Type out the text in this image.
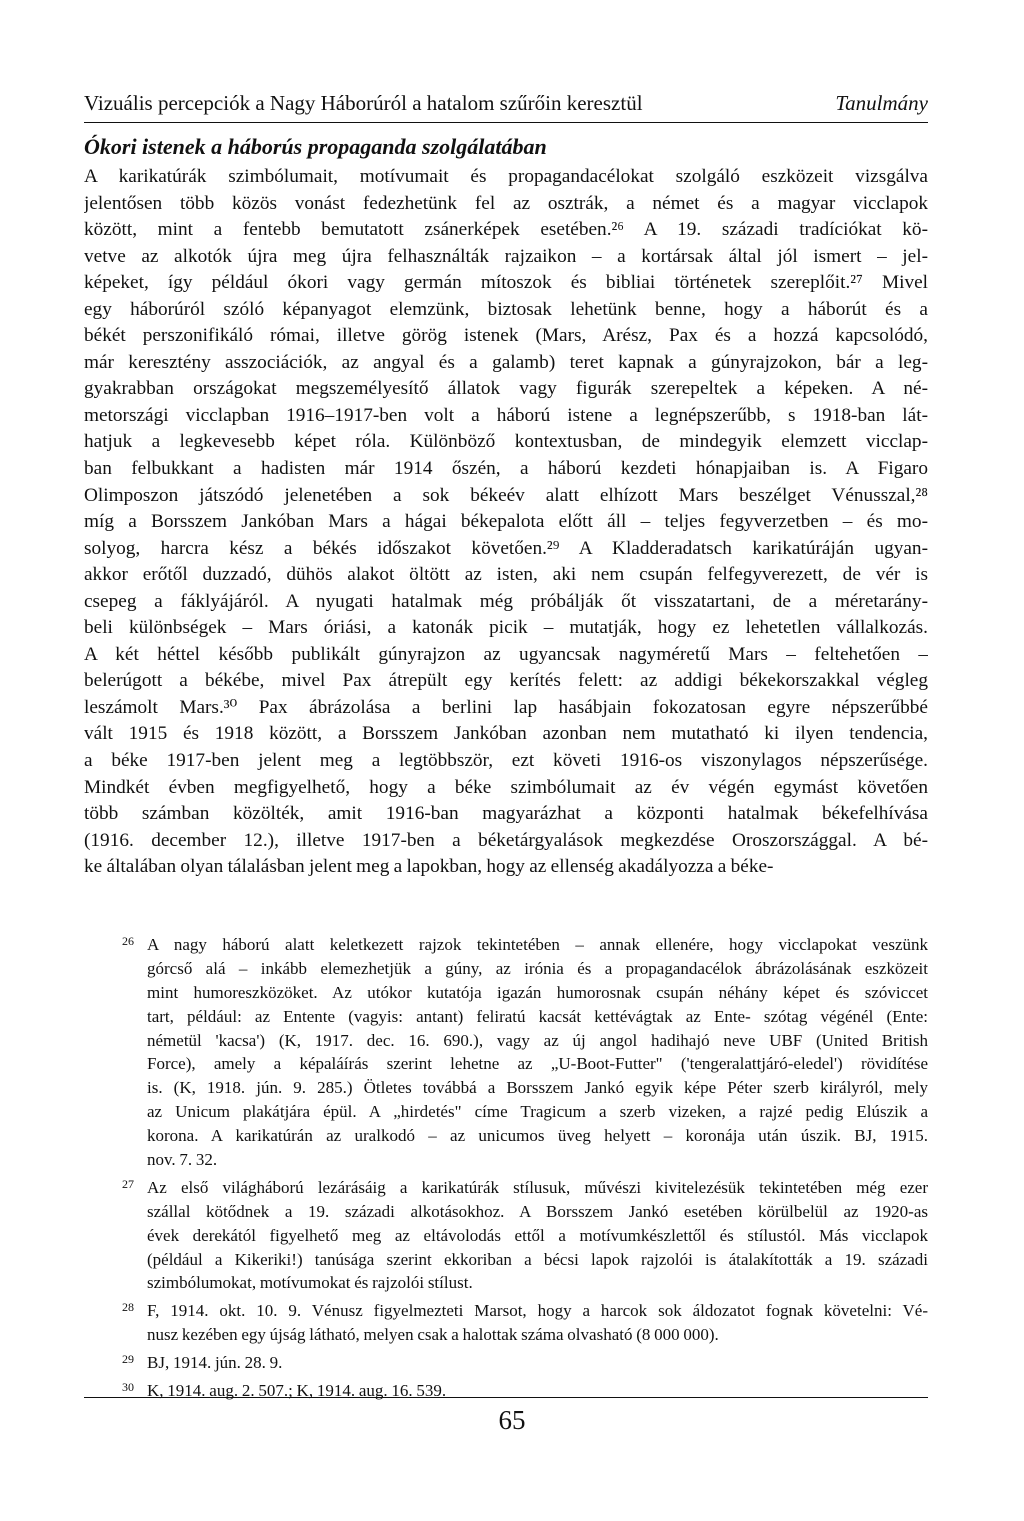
Vizuális percepciók a Nagy Háborúról a hatalom szűrőin keresztül	Tanulmány
Ókori istenek a háborús propaganda szolgálatában
A karikatúrák szimbólumait, motívumait és propagandacélokat szolgáló eszközeit vizsgálva
jelentősen több közös vonást fedezhetünk fel az osztrák, a német és a magyar vicclapok
között, mint a fentebb bemutatott zsánerképek esetében.²⁶ A 19. századi tradíciókat kö-
vetve az alkotók újra meg újra felhasználták rajzaikon – a kortársak által jól ismert – jel-
képeket, így például ókori vagy germán mítoszok és bibliai történetek szereplőit.²⁷ Mivel
egy háborúról szóló képanyagot elemzünk, biztosak lehetünk benne, hogy a háborút és a
békét perszonifikáló római, illetve görög istenek (Mars, Arész, Pax és a hozzá kapcsolódó,
már keresztény asszociációk, az angyal és a galamb) teret kapnak a gúnyrajzokon, bár a leg-
gyakrabban országokat megszemélyesítő állatok vagy figurák szerepeltek a képeken. A né-
metországi vicclapban 1916–1917-ben volt a háború istene a legnépszerűbb, s 1918-ban lát-
hatjuk a legkevesebb képet róla. Különböző kontextusban, de mindegyik elemzett vicclap-
ban felbukkant a hadisten már 1914 őszén, a háború kezdeti hónapjaiban is. A Figaro
Olimposzon játszódó jelenetében a sok békeév alatt elhízott Mars beszélget Vénusszal,²⁸
míg a Borsszem Jankóban Mars a hágai békepalota előtt áll – teljes fegyverzetben – és mo-
solyog, harcra kész a békés időszakot követően.²⁹ A Kladderadatsch karikatúráján ugyan-
akkor erőtől duzzadó, dühös alakot öltött az isten, aki nem csupán felfegyverezett, de vér is
csepeg a fáklyájáról. A nyugati hatalmak még próbálják őt visszatartani, de a méretarány-
beli különbségek – Mars óriási, a katonák picik – mutatják, hogy ez lehetetlen vállalkozás.
A két héttel később publikált gúnyrajzon az ugyancsak nagyméretű Mars – feltehetően –
belerúgott a békébe, mivel Pax átrepült egy kerítés felett: az addigi békekorszakkal végleg
leszámolt Mars.³⁰ Pax ábrázolása a berlini lap hasábjain fokozatosan egyre népszerűbbé
vált 1915 és 1918 között, a Borsszem Jankóban azonban nem mutatható ki ilyen tendencia,
a béke 1917-ben jelent meg a legtöbbször, ezt követi 1916-os viszonylagos népszerűsége.
Mindkét évben megfigyelhető, hogy a béke szimbólumait az év végén egymást követően
több számban közölték, amit 1916-ban magyarázhat a központi hatalmak békefelhívása
(1916. december 12.), illetve 1917-ben a béketárgyalások megkezdése Oroszországgal. A bé-
ke általában olyan tálalásban jelent meg a lapokban, hogy az ellenség akadályozza a béke-
26 A nagy háború alatt keletkezett rajzok tekintetében – annak ellenére, hogy vicclapokat veszünk
górcső alá – inkább elemezhetjük a gúny, az irónia és a propagandacélok ábrázolásának eszközeit
mint humoreszközöket. Az utókor kutatója igazán humorosnak csupán néhány képet és szóviccet
tart, például: az Entente (vagyis: antant) feliratú kacsát kettévágtak az Ente- szótag végénél (Ente:
németül 'kacsa') (K, 1917. dec. 16. 690.), vagy az új angol hadihajó neve UBF (United British
Force), amely a képaláírás szerint lehetne az „U-Boot-Futter" ('tengeralattjáró-eledel') rövidítése
is. (K, 1918. jún. 9. 285.) Ötletes továbbá a Borsszem Jankó egyik képe Péter szerb királyról, mely
az Unicum plakátjára épül. A „hirdetés" címe Tragicum a szerb vizeken, a rajzé pedig Elúszik a
korona. A karikatúrán az uralkodó – az unicumos üveg helyett – koronája után úszik. BJ, 1915.
nov. 7. 32.
27 Az első világháború lezárásáig a karikatúrák stílusuk, művészi kivitelezésük tekintetében még ezer
szállal kötődnek a 19. századi alkotásokhoz. A Borsszem Jankó esetében körülbelül az 1920-as
évek derekától figyelhető meg az eltávolodás ettől a motívumkészlettől és stílustól. Más vicclapok
(például a Kikeriki!) tanúsága szerint ekkoriban a bécsi lapok rajzolói is átalakították a 19. századi
szimbólumokat, motívumokat és rajzolói stílust.
28 F, 1914. okt. 10. 9. Vénusz figyelmezteti Marsot, hogy a harcok sok áldozatot fognak követelni: Vé-
nusz kezében egy újság látható, melyen csak a halottak száma olvasható (8 000 000).
29 BJ, 1914. jún. 28. 9.
30 K, 1914. aug. 2. 507.; K, 1914. aug. 16. 539.
65
